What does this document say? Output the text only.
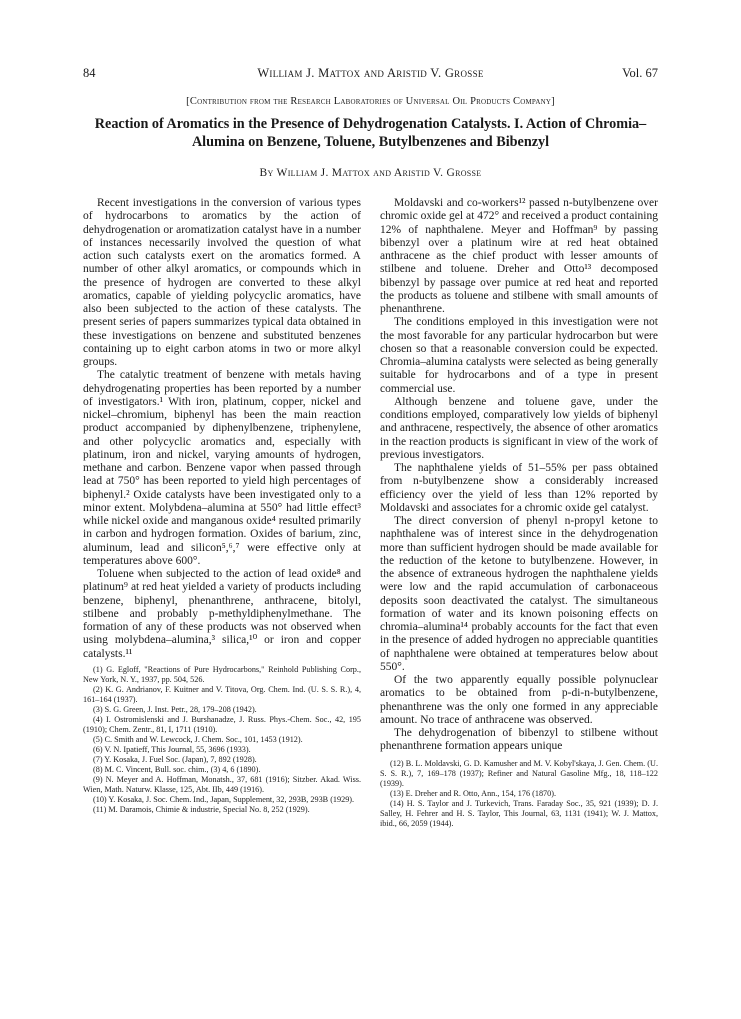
84	William J. Mattox and Aristid V. Grosse	Vol. 67
[Contribution from the Research Laboratories of Universal Oil Products Company]
Reaction of Aromatics in the Presence of Dehydrogenation Catalysts. I. Action of Chromia–Alumina on Benzene, Toluene, Butylbenzenes and Bibenzyl
By William J. Mattox and Aristid V. Grosse

Recent investigations in the conversion of various types of hydrocarbons to aromatics by the action of dehydrogenation or aromatization catalyst have in a number of instances necessarily involved the question of what action such catalysts exert on the aromatics formed. A number of other alkyl aromatics, or compounds which in the presence of hydrogen are converted to these alkyl aromatics, capable of yielding polycyclic aromatics, have also been subjected to the action of these catalysts. The present series of papers summarizes typical data obtained in these investigations on benzene and substituted benzenes containing up to eight carbon atoms in two or more alkyl groups.

The catalytic treatment of benzene with metals having dehydrogenating properties has been reported by a number of investigators.¹ With iron, platinum, copper, nickel and nickel–chromium, biphenyl has been the main reaction product accompanied by diphenylbenzene, triphenylene, and other polycyclic aromatics and, especially with platinum, iron and nickel, varying amounts of hydrogen, methane and carbon. Benzene vapor when passed through lead at 750° has been reported to yield high percentages of biphenyl.² Oxide catalysts have been investigated only to a minor extent. Molybdena–alumina at 550° had little effect³ while nickel oxide and manganous oxide⁴ resulted primarily in carbon and hydrogen formation. Oxides of barium, zinc, aluminum, lead and silicon⁵,⁶,⁷ were effective only at temperatures above 600°.

Toluene when subjected to the action of lead oxide⁸ and platinum⁹ at red heat yielded a variety of products including benzene, biphenyl, phenanthrene, anthracene, bitolyl, stilbene and probably p-methyldiphenylmethane. The formation of any of these products was not observed when using molybdena–alumina,³ silica,¹⁰ or iron and copper catalysts.¹¹

(1) G. Egloff, "Reactions of Pure Hydrocarbons," Reinhold Publishing Corp., New York, N. Y., 1937, pp. 504, 526.
(2) K. G. Andrianov, F. Kuitner and V. Titova, Org. Chem. Ind. (U. S. S. R.), 4, 161–164 (1937).
(3) S. G. Green, J. Inst. Petr., 28, 179–208 (1942).
(4) I. Ostromislenski and J. Burshanadze, J. Russ. Phys.-Chem. Soc., 42, 195 (1910); Chem. Zentr., 81, I, 1711 (1910).
(5) C. Smith and W. Lewcock, J. Chem. Soc., 101, 1453 (1912).
(6) V. N. Ipatieff, This Journal, 55, 3696 (1933).
(7) Y. Kosaka, J. Fuel Soc. (Japan), 7, 892 (1928).
(8) M. C. Vincent, Bull. soc. chim., (3) 4, 6 (1890).
(9) N. Meyer and A. Hoffman, Monatsh., 37, 681 (1916); Sitzber. Akad. Wiss. Wien, Math. Naturw. Klasse, 125, Abt. IIb, 449 (1916).
(10) Y. Kosaka, J. Soc. Chem. Ind., Japan, Supplement, 32, 293B, 293B (1929).
(11) M. Daramois, Chimie & industrie, Special No. 8, 252 (1929).

Moldavski and co-workers¹² passed n-butylbenzene over chromic oxide gel at 472° and received a product containing 12% of naphthalene. Meyer and Hoffman⁹ by passing bibenzyl over a platinum wire at red heat obtained anthracene as the chief product with lesser amounts of stilbene and toluene. Dreher and Otto¹³ decomposed bibenzyl by passage over pumice at red heat and reported the products as toluene and stilbene with small amounts of phenanthrene.

The conditions employed in this investigation were not the most favorable for any particular hydrocarbon but were chosen so that a reasonable conversion could be expected. Chromia–alumina catalysts were selected as being generally suitable for hydrocarbons and of a type in present commercial use.

Although benzene and toluene gave, under the conditions employed, comparatively low yields of biphenyl and anthracene, respectively, the absence of other aromatics in the reaction products is significant in view of the work of previous investigators.

The naphthalene yields of 51–55% per pass obtained from n-butylbenzene show a considerably increased efficiency over the yield of less than 12% reported by Moldavski and associates for a chromic oxide gel catalyst.

The direct conversion of phenyl n-propyl ketone to naphthalene was of interest since in the dehydrogenation more than sufficient hydrogen should be made available for the reduction of the ketone to butylbenzene. However, in the absence of extraneous hydrogen the naphthalene yields were low and the rapid accumulation of carbonaceous deposits soon deactivated the catalyst. The simultaneous formation of water and its known poisoning effects on chromia–alumina¹⁴ probably accounts for the fact that even in the presence of added hydrogen no appreciable quantities of naphthalene were obtained at temperatures below about 550°.

Of the two apparently equally possible polynuclear aromatics to be obtained from p-di-n-butylbenzene, phenanthrene was the only one formed in any appreciable amount. No trace of anthracene was observed.

The dehydrogenation of bibenzyl to stilbene without phenanthrene formation appears unique

(12) B. L. Moldavski, G. D. Kamusher and M. V. Kobyl'skaya, J. Gen. Chem. (U. S. S. R.), 7, 169–178 (1937); Refiner and Natural Gasoline Mfg., 18, 118–122 (1939).
(13) E. Dreher and R. Otto, Ann., 154, 176 (1870).
(14) H. S. Taylor and J. Turkevich, Trans. Faraday Soc., 35, 921 (1939); D. J. Salley, H. Fehrer and H. S. Taylor, This Journal, 63, 1131 (1941); W. J. Mattox, ibid., 66, 2059 (1944).
